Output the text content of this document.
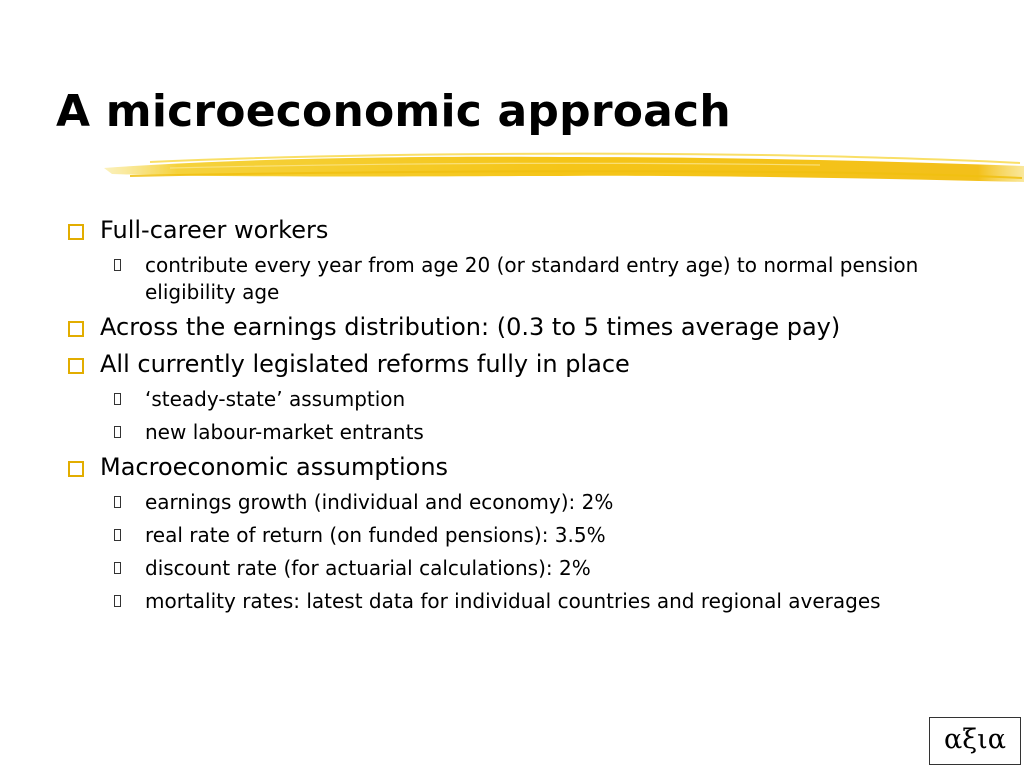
A microeconomic approach
Full-career workers
contribute every year from age 20 (or standard entry age) to normal pension eligibility age
Across the earnings distribution: (0.3 to 5 times average pay)
All currently legislated reforms fully in place
‘steady-state’ assumption
new labour-market entrants
Macroeconomic assumptions
earnings growth (individual and economy): 2%
real rate of return (on funded pensions): 3.5%
discount rate (for actuarial calculations): 2%
mortality rates: latest data for individual countries and regional averages
αξια
